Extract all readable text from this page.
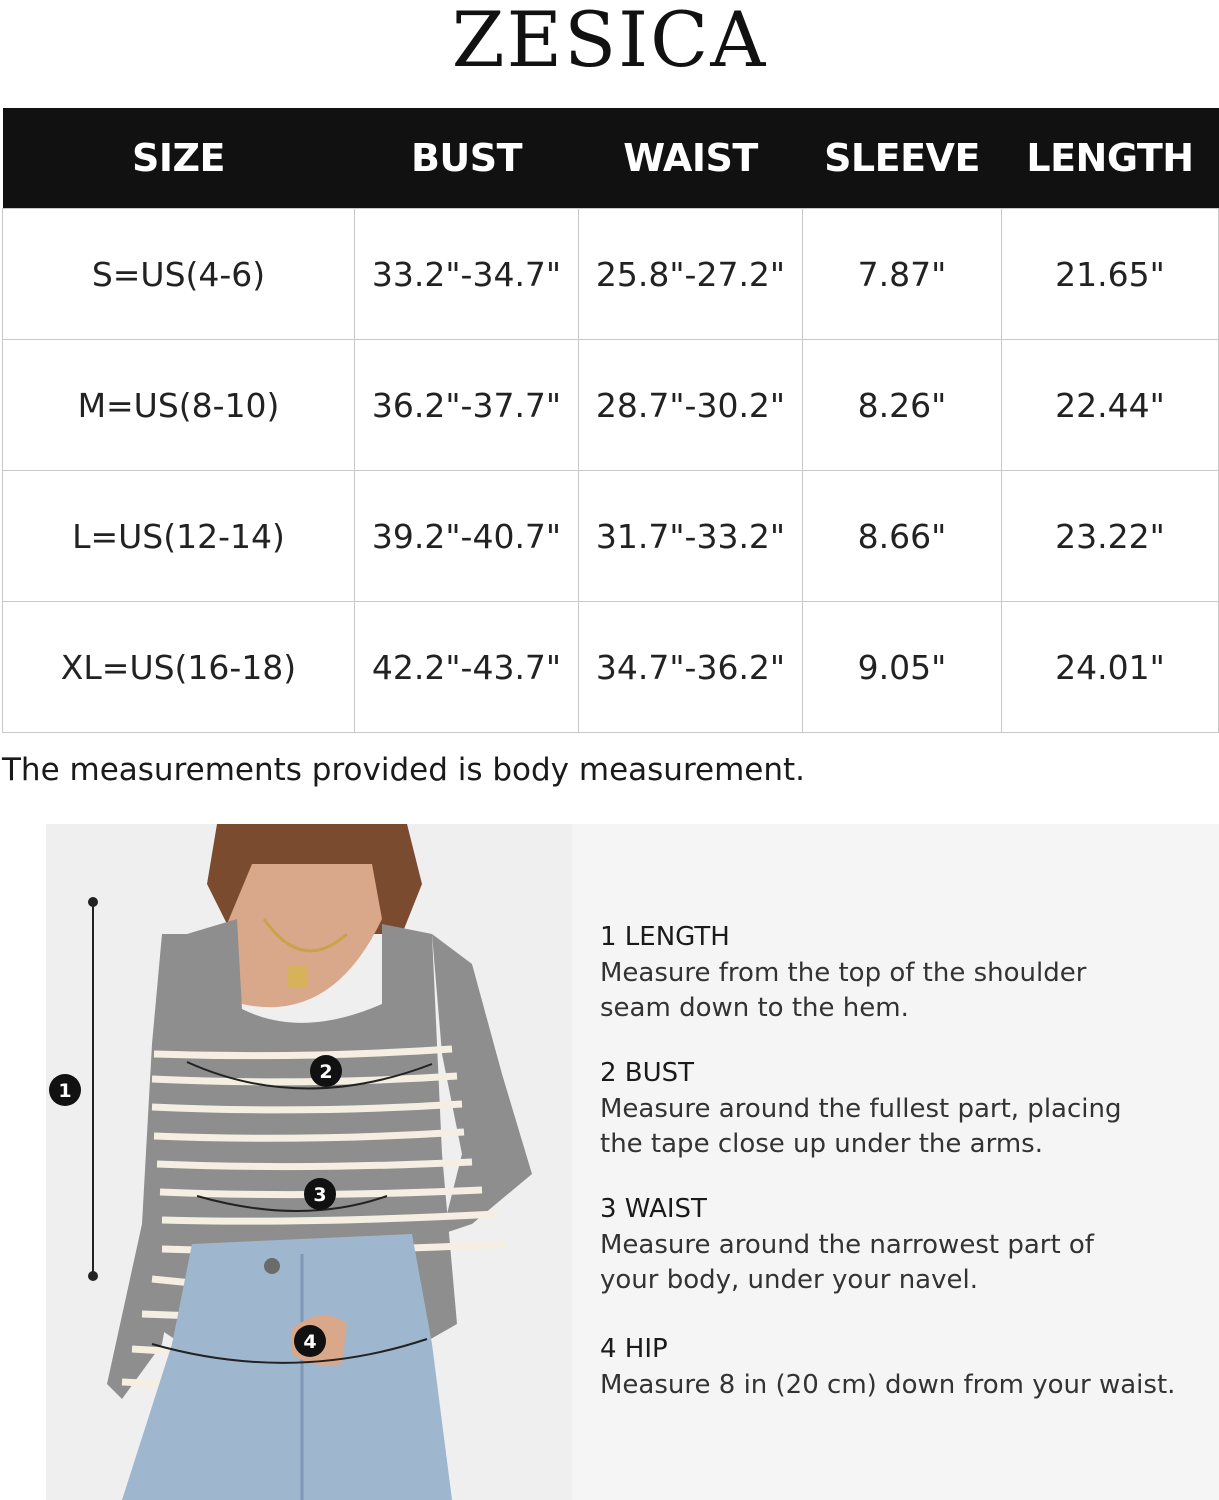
ZESICA
SIZE	BUST	WAIST	SLEEVE	LENGTH
S=US(4-6)	33.2"-34.7"	25.8"-27.2"	7.87"	21.65"
M=US(8-10)	36.2"-37.7"	28.7"-30.2"	8.26"	22.44"
L=US(12-14)	39.2"-40.7"	31.7"-33.2"	8.66"	23.22"
XL=US(16-18)	42.2"-43.7"	34.7"-36.2"	9.05"	24.01"

The measurements provided is body measurement.

1
2
3
4
1 LENGTH

Measure from the top of the shoulder
seam down to the hem.

2 BUST

Measure around the fullest part, placing
the tape close up under the arms.

3 WAIST

Measure around the narrowest part of
your body, under your navel.

4 HIP

Measure 8 in (20 cm) down from your waist.
